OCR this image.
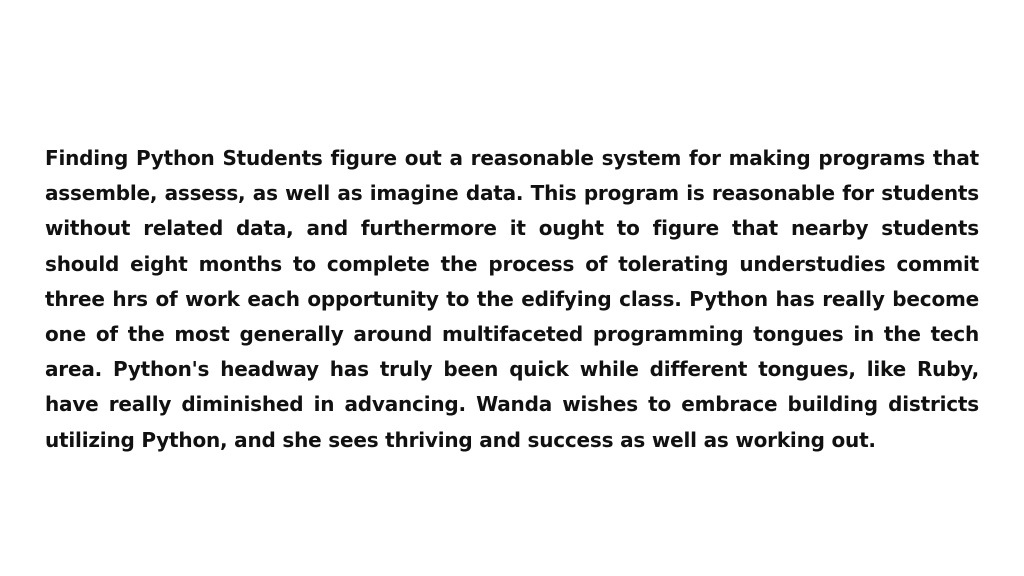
Finding Python Students figure out a reasonable system for making programs that assemble, assess, as well as imagine data. This program is reasonable for students without related data, and furthermore it ought to figure that nearby students should eight months to complete the process of tolerating understudies commit three hrs of work each opportunity to the edifying class. Python has really become one of the most generally around multifaceted programming tongues in the tech area. Python's headway has truly been quick while different tongues, like Ruby, have really diminished in advancing. Wanda wishes to embrace building districts utilizing Python, and she sees thriving and success as well as working out.
